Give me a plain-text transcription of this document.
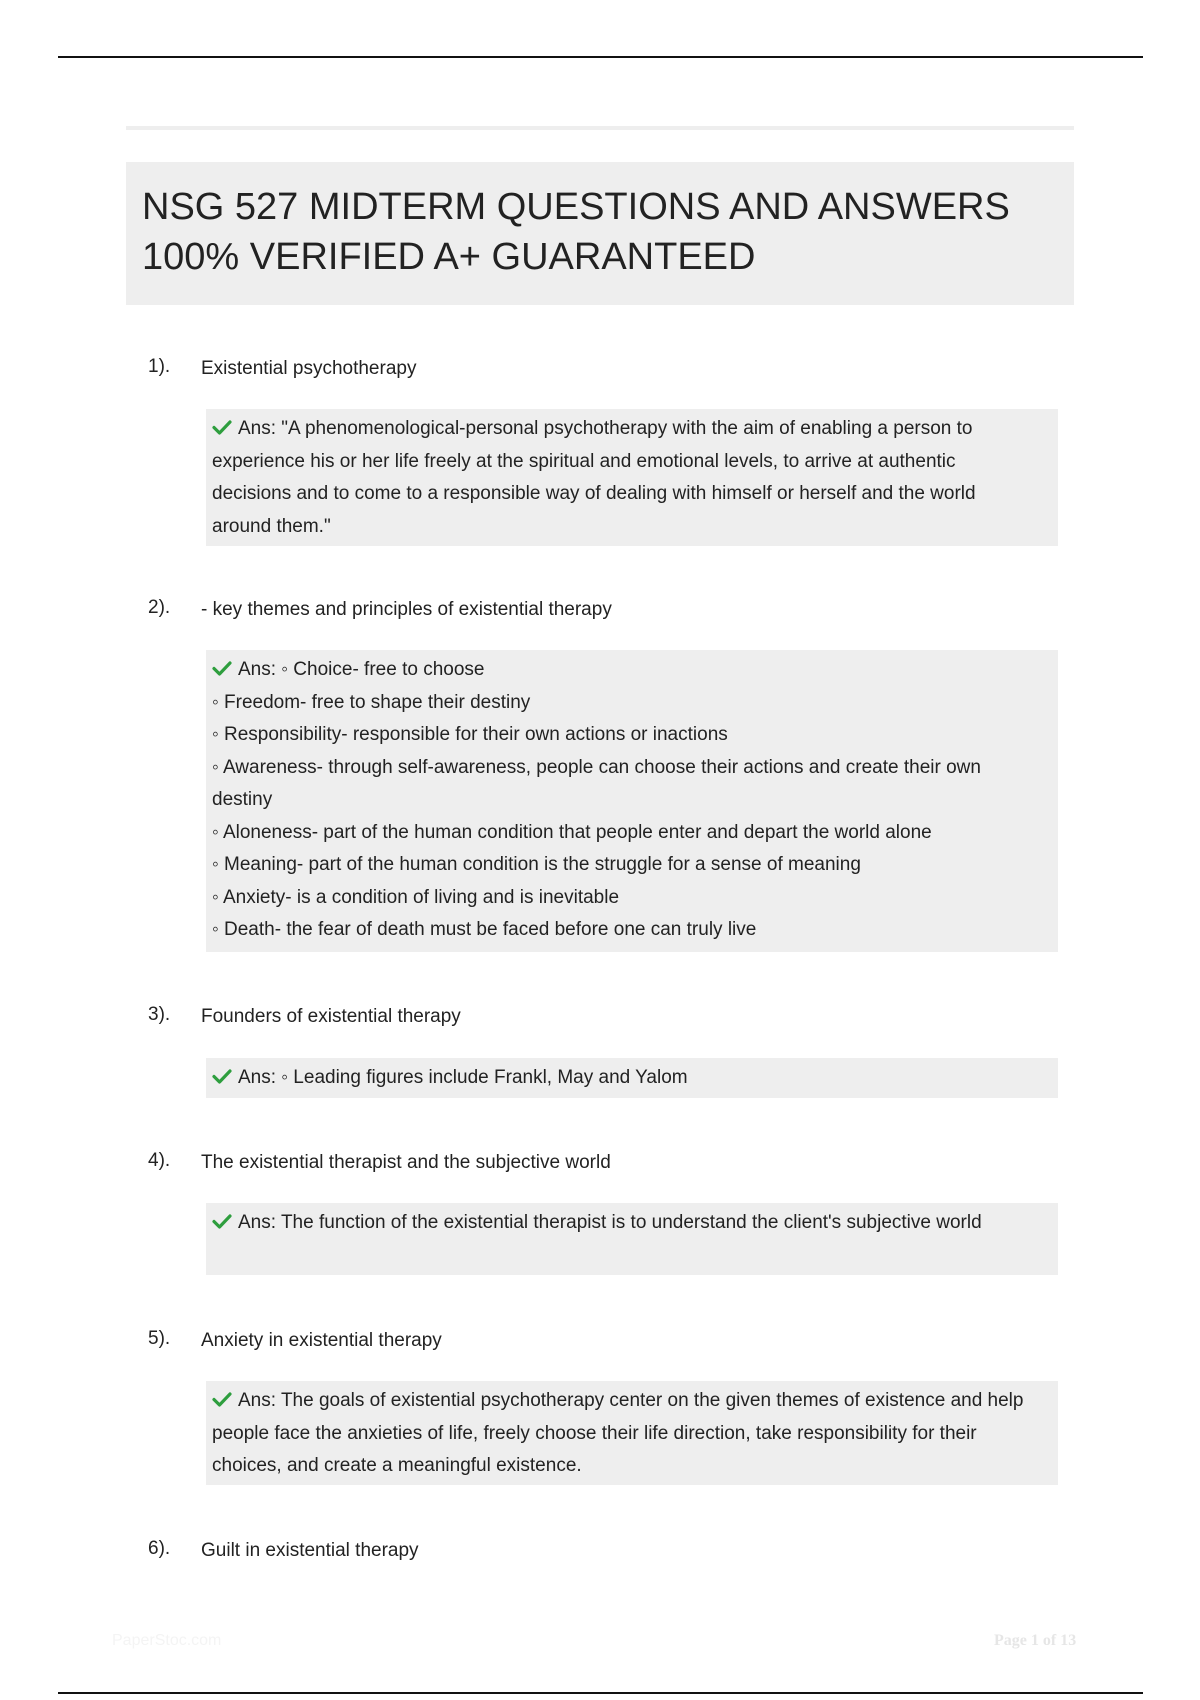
NSG 527 MIDTERM QUESTIONS AND ANSWERS
100% VERIFIED A+ GUARANTEED
1). Existential psychotherapy
Ans: "A phenomenological-personal psychotherapy with the aim of enabling a person to experience his or her life freely at the spiritual and emotional levels, to arrive at authentic decisions and to come to a responsible way of dealing with himself or herself and the world around them."
2). - key themes and principles of existential therapy
Ans: ◦ Choice- free to choose
◦ Freedom- free to shape their destiny
◦ Responsibility- responsible for their own actions or inactions
◦ Awareness- through self-awareness, people can choose their actions and create their own destiny
◦ Aloneness- part of the human condition that people enter and depart the world alone
◦ Meaning- part of the human condition is the struggle for a sense of meaning
◦ Anxiety- is a condition of living and is inevitable
◦ Death- the fear of death must be faced before one can truly live
3). Founders of existential therapy
Ans: ◦ Leading figures include Frankl, May and Yalom
4). The existential therapist and the subjective world
Ans: The function of the existential therapist is to understand the client's subjective world
5). Anxiety in existential therapy
Ans: The goals of existential psychotherapy center on the given themes of existence and help people face the anxieties of life, freely choose their life direction, take responsibility for their choices, and create a meaningful existence.
6). Guilt in existential therapy
PaperStoc.com	Page 1 of 13
